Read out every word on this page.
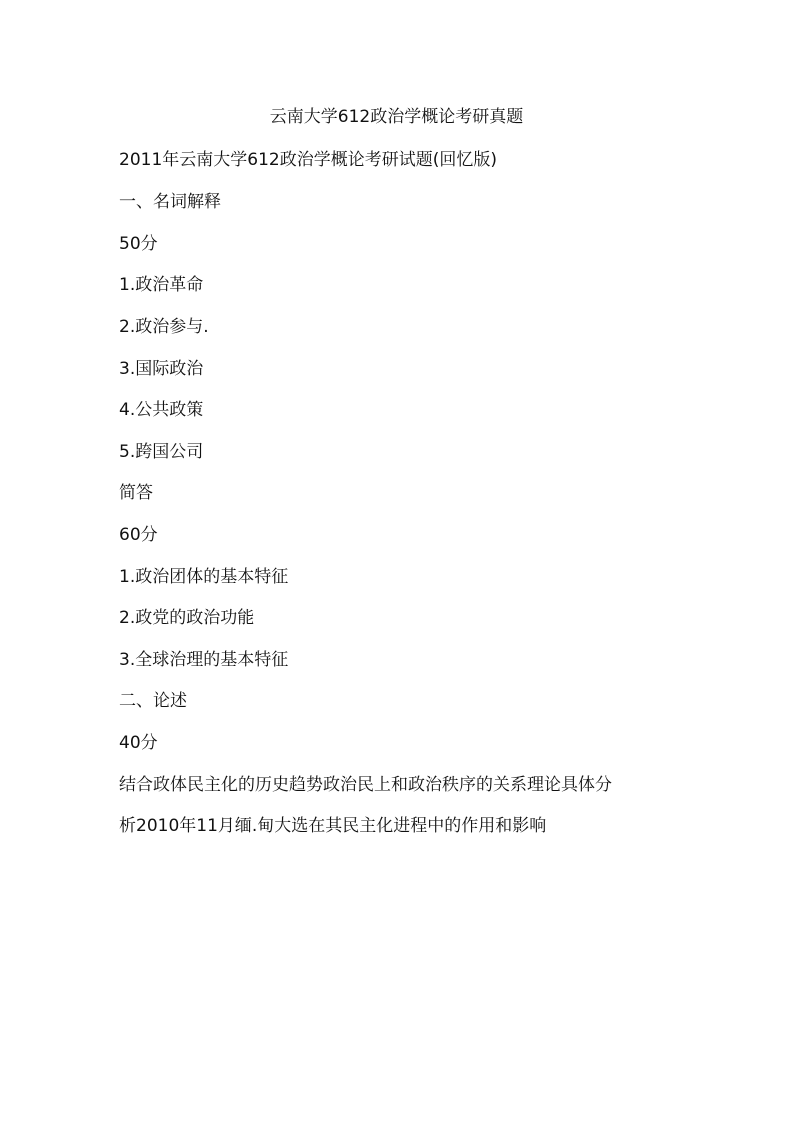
云南大学612政治学概论考研真题
2011年云南大学612政治学概论考研试题(回忆版)
一、名词解释
50分
1.政治革命
2.政治参与.
3.国际政治
4.公共政策
5.跨国公司
简答
60分
1.政治团体的基本特征
2.政党的政治功能
3.全球治理的基本特征
二、论述
40分
结合政体民主化的历史趋势政治民上和政治秩序的关系理论具体分
析2010年11月缅.甸大选在其民主化进程中的作用和影响
